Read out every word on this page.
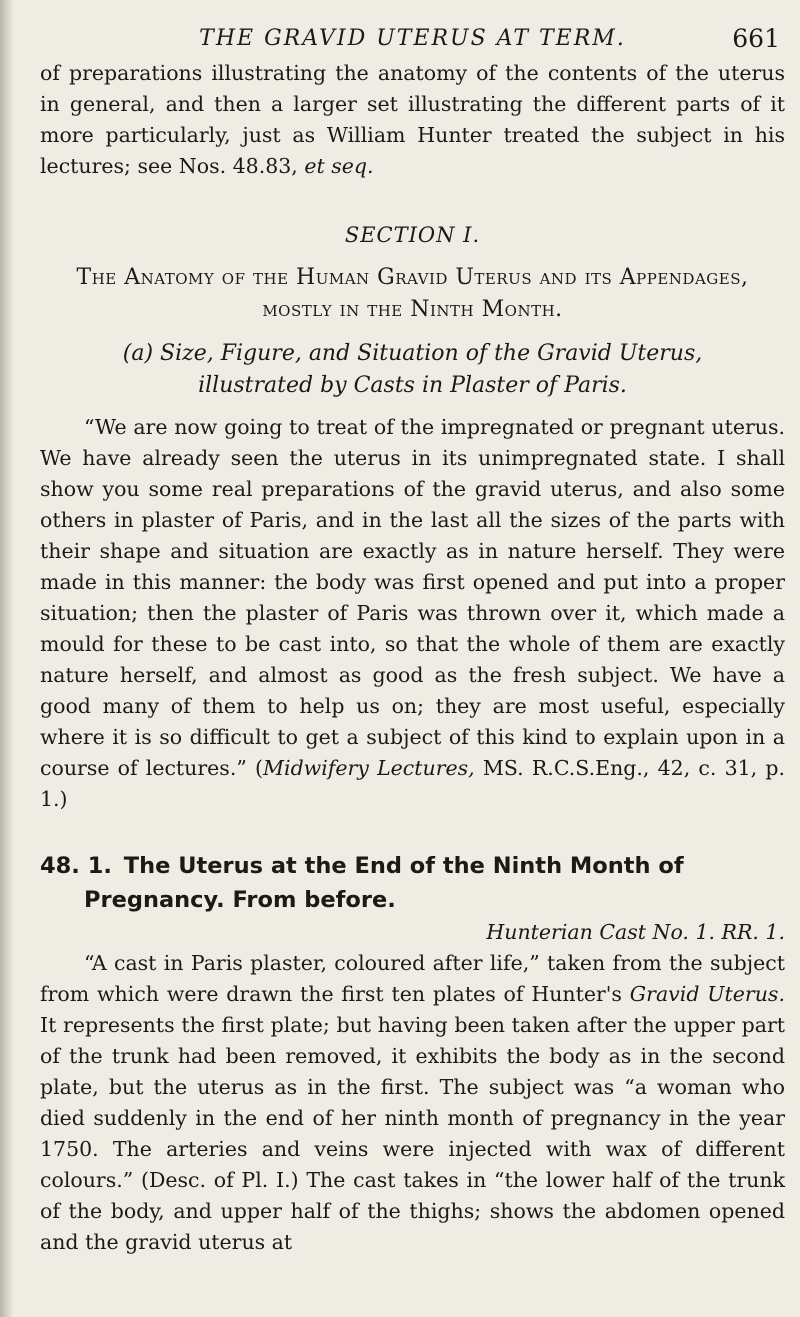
THE GRAVID UTERUS AT TERM.	661

of preparations illustrating the anatomy of the contents of the uterus in general, and then a larger set illustrating the different parts of it more particularly, just as William Hunter treated the subject in his lectures; see Nos. 48.83, et seq.

SECTION I.
The Anatomy of the Human Gravid Uterus and its Appendages, mostly in the Ninth Month.
(a) Size, Figure, and Situation of the Gravid Uterus, illustrated by Casts in Plaster of Paris.

“We are now going to treat of the impregnated or pregnant uterus. We have already seen the uterus in its unimpregnated state. I shall show you some real preparations of the gravid uterus, and also some others in plaster of Paris, and in the last all the sizes of the parts with their shape and situation are exactly as in nature herself. They were made in this manner: the body was first opened and put into a proper situation; then the plaster of Paris was thrown over it, which made a mould for these to be cast into, so that the whole of them are exactly nature herself, and almost as good as the fresh subject. We have a good many of them to help us on; they are most useful, especially where it is so difficult to get a subject of this kind to explain upon in a course of lectures.” (Midwifery Lectures, MS. R.C.S.Eng., 42, c. 31, p. 1.)

48. 1. The Uterus at the End of the Ninth Month of Pregnancy. From before.
Hunterian Cast No. 1. RR. 1.

“A cast in Paris plaster, coloured after life,” taken from the subject from which were drawn the first ten plates of Hunter's Gravid Uterus. It represents the first plate; but having been taken after the upper part of the trunk had been removed, it exhibits the body as in the second plate, but the uterus as in the first. The subject was “a woman who died suddenly in the end of her ninth month of pregnancy in the year 1750. The arteries and veins were injected with wax of different colours.” (Desc. of Pl. I.) The cast takes in “the lower half of the trunk of the body, and upper half of the thighs; shows the abdomen opened and the gravid uterus at
